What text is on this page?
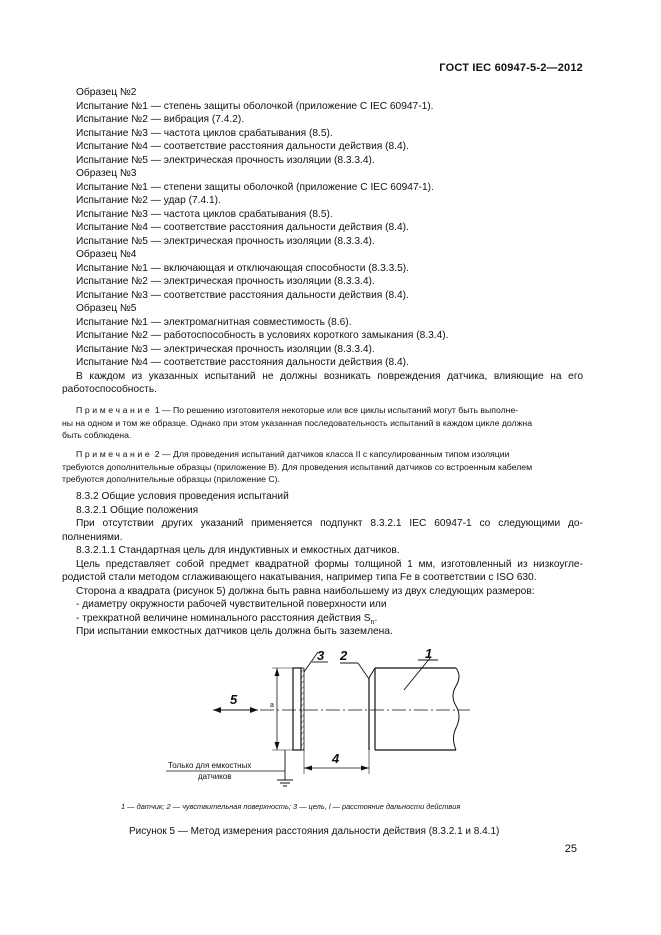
ГОСТ IEC 60947-5-2—2012
Образец №2
Испытание №1 — степень защиты оболочкой (приложение С IEC 60947-1).
Испытание №2 — вибрация (7.4.2).
Испытание №3 — частота циклов срабатывания (8.5).
Испытание №4 — соответствие расстояния дальности действия (8.4).
Испытание №5 — электрическая прочность изоляции (8.3.3.4).
Образец №3
Испытание №1 — степени защиты оболочкой (приложение С IEC 60947-1).
Испытание №2 — удар (7.4.1).
Испытание №3 — частота циклов срабатывания (8.5).
Испытание №4 — соответствие расстояния дальности действия (8.4).
Испытание №5 — электрическая прочность изоляции (8.3.3.4).
Образец №4
Испытание №1 — включающая и отключающая способности (8.3.3.5).
Испытание №2 — электрическая прочность изоляции (8.3.3.4).
Испытание №3 — соответствие расстояния дальности действия (8.4).
Образец №5
Испытание №1 — электромагнитная совместимость (8.6).
Испытание №2 — работоспособность в условиях короткого замыкания (8.3.4).
Испытание №3 — электрическая прочность изоляции (8.3.3.4).
Испытание №4 — соответствие расстояния дальности действия (8.4).
В каждом из указанных испытаний не должны возникать повреждения датчика, влияющие на его
работоспособность.
Примечание 1 — По решению изготовителя некоторые или все циклы испытаний могут быть выполне-
ны на одном и том же образце. Однако при этом указанная последовательность испытаний в каждом цикле должна
быть соблюдена.
Примечание 2 — Для проведения испытаний датчиков класса II с капсулированным типом изоляции
требуются дополнительные образцы (приложение В). Для проведения испытаний датчиков со встроенным кабелем
требуются дополнительные образцы (приложение С).
8.3.2 Общие условия проведения испытаний
8.3.2.1 Общие положения
При отсутствии других указаний применяется подпункт 8.3.2.1 IEC 60947-1 со следующими до-
полнениями.
8.3.2.1.1 Стандартная цель для индуктивных и емкостных датчиков.
Цель представляет собой предмет квадратной формы толщиной 1 мм, изготовленный из низкоугле-
родистой стали методом сглаживающего накатывания, например типа Fe в соответствии с ISO 630.
Сторона а квадрата (рисунок 5) должна быть равна наибольшему из двух следующих размеров:
- диаметру окружности рабочей чувствительной поверхности или
- трехкратной величине номинального расстояния действия $S_n$.
При испытании емкостных датчиков цель должна быть заземлена.
3 2	1
5
4
a
Только для емкостных
датчиков
1 — датчик; 2 — чувствительная поверхность; 3 — цель, l — расстояние дальности действия
Рисунок 5 — Метод измерения расстояния дальности действия (8.3.2.1 и 8.4.1)
25
